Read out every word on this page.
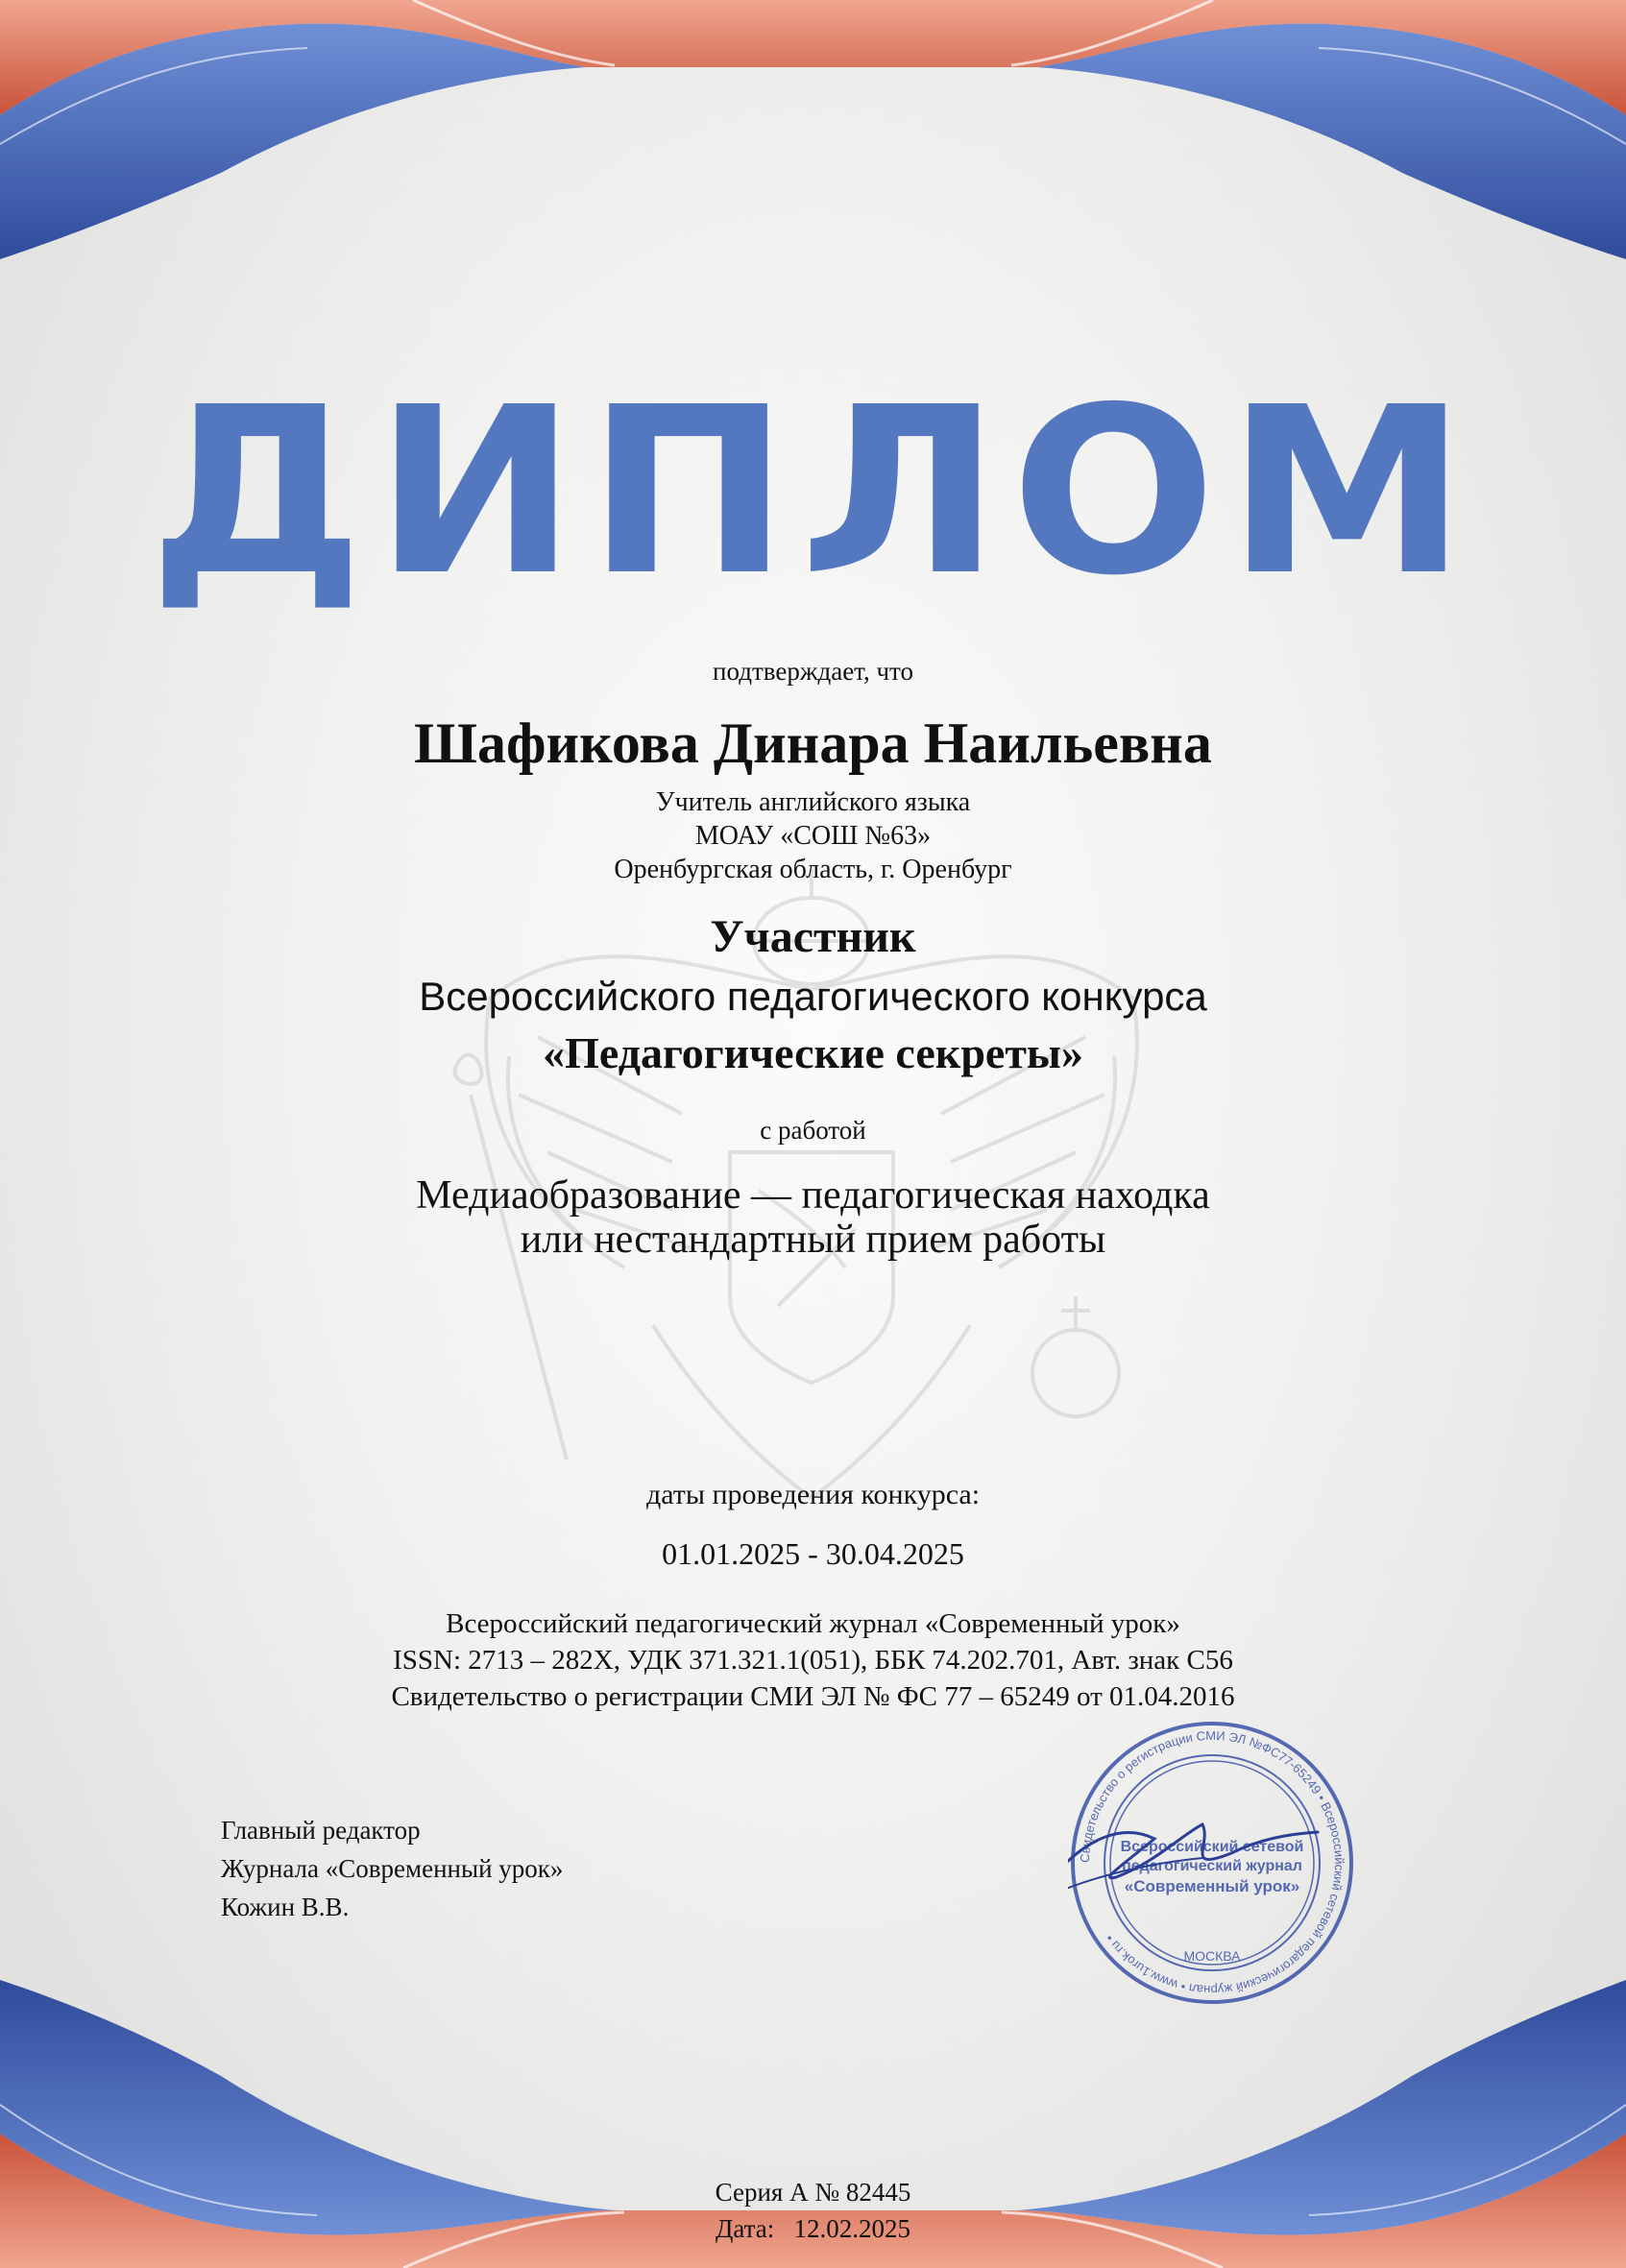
ДИПЛОМ
подтверждает, что
Шафикова Динара Наильевна
Учитель английского языка
МОАУ «СОШ №63»
Оренбургская область, г. Оренбург
Участник
Всероссийского педагогического конкурса
«Педагогические секреты»
с работой
Медиаобразование — педагогическая находка
или нестандартный прием работы
даты проведения конкурса:
01.01.2025 - 30.04.2025
Всероссийский педагогический журнал «Современный урок»
ISSN: 2713 – 282X, УДК 371.321.1(051), ББК 74.202.701, Авт. знак С56
Свидетельство о регистрации СМИ ЭЛ № ФС 77 – 65249 от 01.04.2016
Главный редактор
Журнала «Современный урок»
Кожин В.В.
Свидетельство о регистрации СМИ ЭЛ №ФС77-65249 • Всероссийский сетевой педагогический журнал • www.1urok.ru •
Всероссийский сетевой
педагогический журнал
«Современный урок»
МОСКВА
Серия А № 82445
Дата:   12.02.2025
